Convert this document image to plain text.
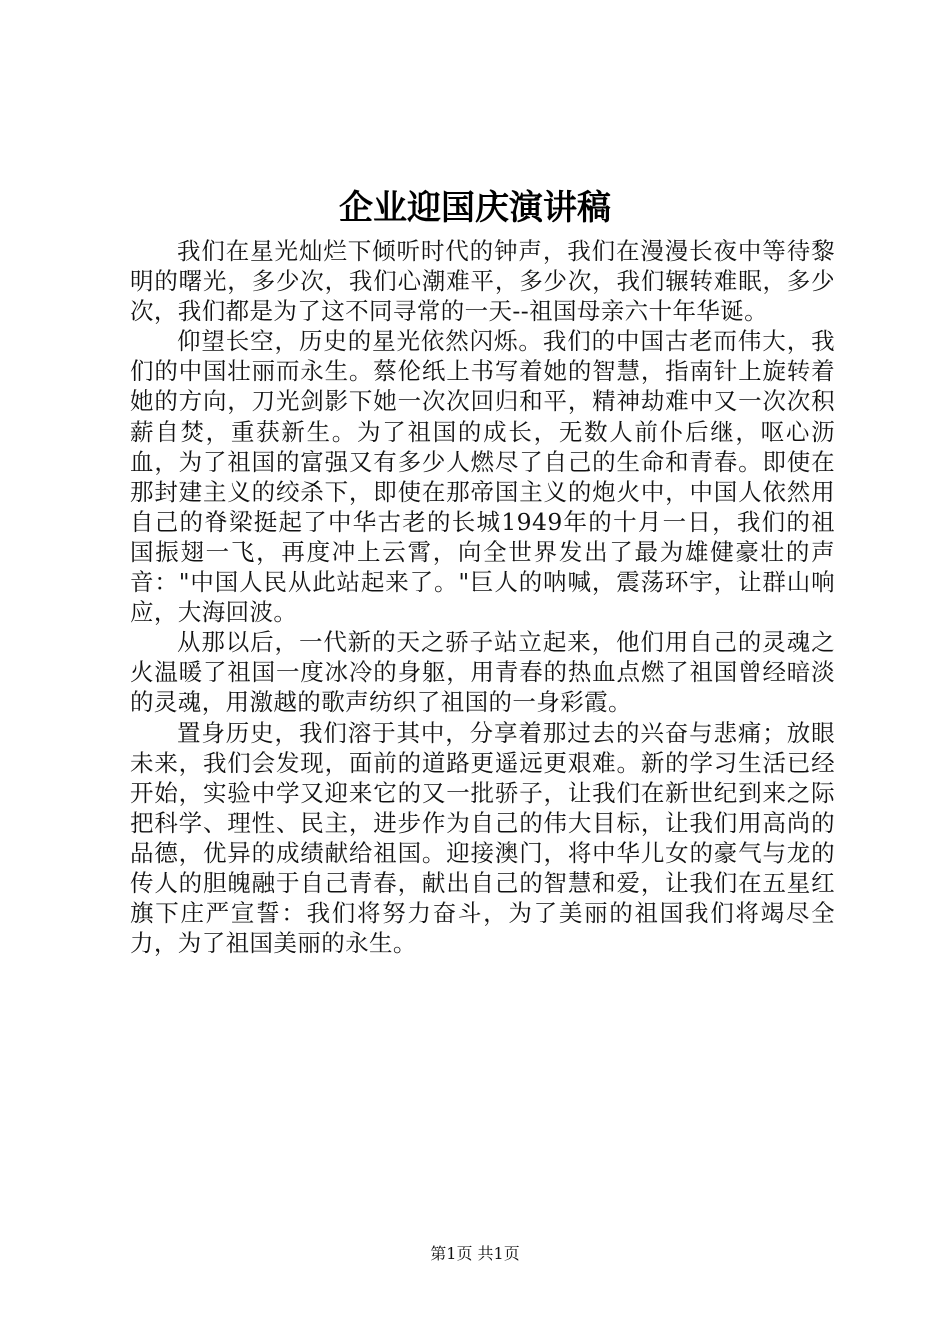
企业迎国庆演讲稿

我们在星光灿烂下倾听时代的钟声，我们在漫漫长夜中等待黎明的曙光，多少次，我们心潮难平，多少次，我们辗转难眠，多少次，我们都是为了这不同寻常的一天--祖国母亲六十年华诞。

仰望长空，历史的星光依然闪烁。我们的中国古老而伟大，我们的中国壮丽而永生。蔡伦纸上书写着她的智慧，指南针上旋转着她的方向，刀光剑影下她一次次回归和平，精神劫难中又一次次积薪自焚，重获新生。为了祖国的成长，无数人前仆后继，呕心沥血，为了祖国的富强又有多少人燃尽了自己的生命和青春。即使在那封建主义的绞杀下，即使在那帝国主义的炮火中，中国人依然用自己的脊梁挺起了中华古老的长城1949年的十月一日，我们的祖国振翅一飞，再度冲上云霄，向全世界发出了最为雄健豪壮的声音："中国人民从此站起来了。"巨人的呐喊，震荡环宇，让群山响应，大海回波。

从那以后，一代新的天之骄子站立起来，他们用自己的灵魂之火温暖了祖国一度冰冷的身躯，用青春的热血点燃了祖国曾经暗淡的灵魂，用激越的歌声纺织了祖国的一身彩霞。

置身历史，我们溶于其中，分享着那过去的兴奋与悲痛；放眼未来，我们会发现，面前的道路更遥远更艰难。新的学习生活已经开始，实验中学又迎来它的又一批骄子，让我们在新世纪到来之际把科学、理性、民主，进步作为自己的伟大目标，让我们用高尚的品德，优异的成绩献给祖国。迎接澳门，将中华儿女的豪气与龙的传人的胆魄融于自己青春，献出自己的智慧和爱，让我们在五星红旗下庄严宣誓：我们将努力奋斗，为了美丽的祖国我们将竭尽全力，为了祖国美丽的永生。

第1页 共1页
